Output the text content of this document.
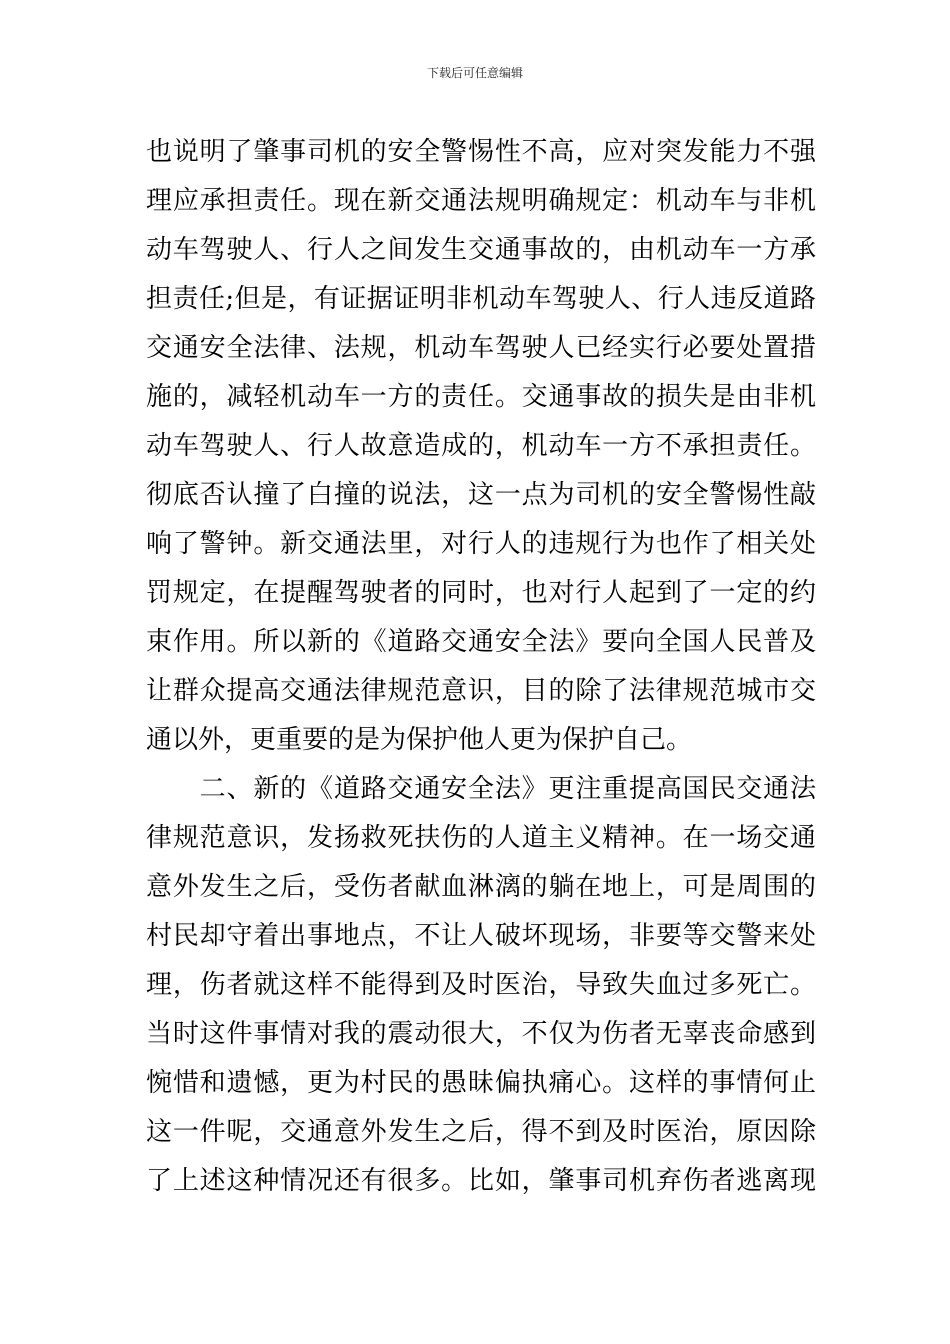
下载后可任意编辑
也说明了肇事司机的安全警惕性不高，应对突发能力不强
理应承担责任。现在新交通法规明确规定：机动车与非机
动车驾驶人、行人之间发生交通事故的，由机动车一方承
担责任;但是，有证据证明非机动车驾驶人、行人违反道路
交通安全法律、法规，机动车驾驶人已经实行必要处置措
施的，减轻机动车一方的责任。交通事故的损失是由非机
动车驾驶人、行人故意造成的，机动车一方不承担责任。
彻底否认撞了白撞的说法，这一点为司机的安全警惕性敲
响了警钟。新交通法里，对行人的违规行为也作了相关处
罚规定，在提醒驾驶者的同时，也对行人起到了一定的约
束作用。所以新的《道路交通安全法》要向全国人民普及
让群众提高交通法律规范意识，目的除了法律规范城市交
通以外，更重要的是为保护他人更为保护自己。
　　二、新的《道路交通安全法》更注重提高国民交通法
律规范意识，发扬救死扶伤的人道主义精神。在一场交通
意外发生之后，受伤者献血淋漓的躺在地上，可是周围的
村民却守着出事地点，不让人破坏现场，非要等交警来处
理，伤者就这样不能得到及时医治，导致失血过多死亡。
当时这件事情对我的震动很大，不仅为伤者无辜丧命感到
惋惜和遗憾，更为村民的愚昧偏执痛心。这样的事情何止
这一件呢，交通意外发生之后，得不到及时医治，原因除
了上述这种情况还有很多。比如，肇事司机弃伤者逃离现
